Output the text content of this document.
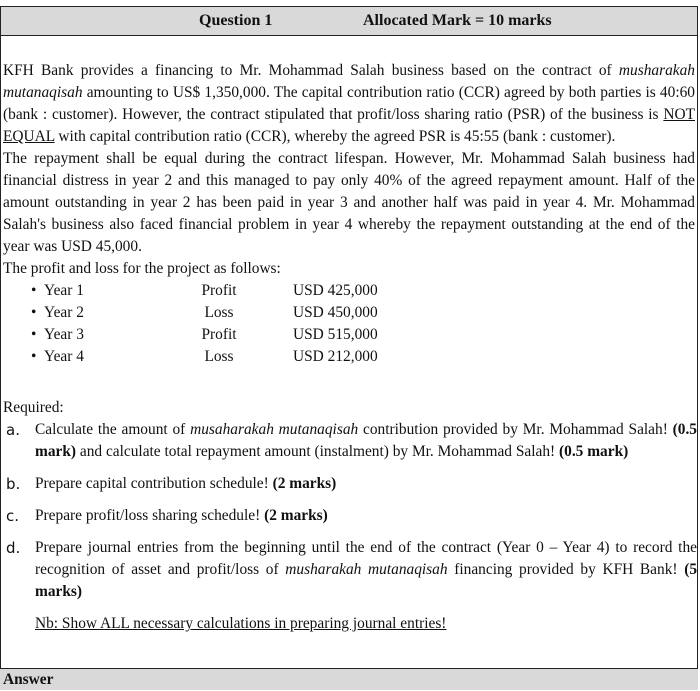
Question 1	Allocated Mark = 10 marks

KFH Bank provides a financing to Mr. Mohammad Salah business based on the contract of musharakah mutanaqisah amounting to US$ 1,350,000. The capital contribution ratio (CCR) agreed by both parties is 40:60 (bank : customer). However, the contract stipulated that profit/loss sharing ratio (PSR) of the business is NOT EQUAL with capital contribution ratio (CCR), whereby the agreed PSR is 45:55 (bank : customer).

The repayment shall be equal during the contract lifespan. However, Mr. Mohammad Salah business had financial distress in year 2 and this managed to pay only 40% of the agreed repayment amount. Half of the amount outstanding in year 2 has been paid in year 3 and another half was paid in year 4. Mr. Mohammad Salah's business also faced financial problem in year 4 whereby the repayment outstanding at the end of the year was USD 45,000.

The profit and loss for the project as follows:

• Year 1	Profit	USD 425,000
• Year 2	Loss	USD 450,000
• Year 3	Profit	USD 515,000
• Year 4	Loss	USD 212,000
Required:
a. Calculate the amount of musaharakah mutanaqisah contribution provided by Mr. Mohammad Salah! (0.5 mark) and calculate total repayment amount (instalment) by Mr. Mohammad Salah! (0.5 mark)
b. Prepare capital contribution schedule! (2 marks)
c. Prepare profit/loss sharing schedule! (2 marks)
d. Prepare journal entries from the beginning until the end of the contract (Year 0 – Year 4) to record the recognition of asset and profit/loss of musharakah mutanaqisah financing provided by KFH Bank! (5 marks)
Nb: Show ALL necessary calculations in preparing journal entries!
Answer
